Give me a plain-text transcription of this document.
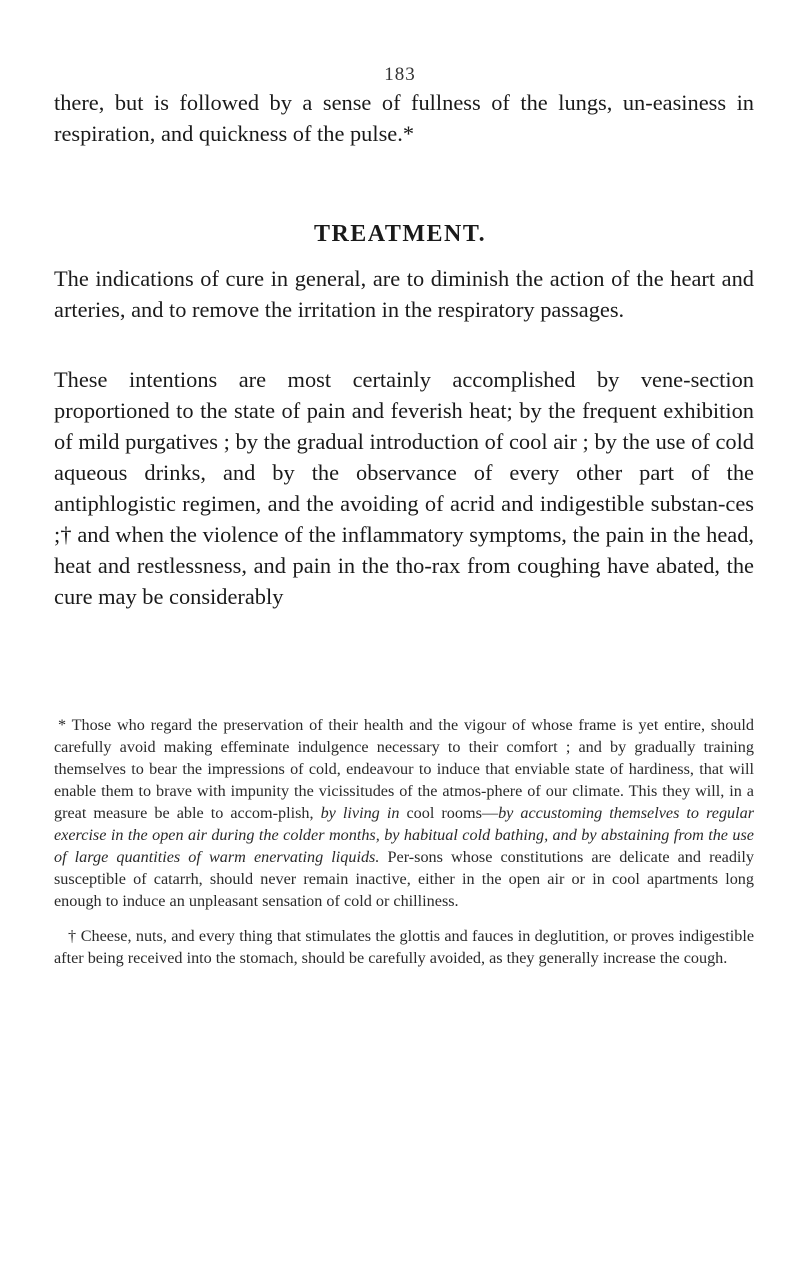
183

there, but is followed by a sense of fullness of the lungs, un-easiness in respiration, and quickness of the pulse.*

TREATMENT.

The indications of cure in general, are to diminish the action of the heart and arteries, and to remove the irritation in the respiratory passages.

These intentions are most certainly accomplished by vene-section proportioned to the state of pain and feverish heat; by the frequent exhibition of mild purgatives ; by the gradual introduction of cool air ; by the use of cold aqueous drinks, and by the observance of every other part of the antiphlogistic regimen, and the avoiding of acrid and indigestible substan-ces ;† and when the violence of the inflammatory symptoms, the pain in the head, heat and restlessness, and pain in the tho-rax from coughing have abated, the cure may be considerably

* Those who regard the preservation of their health and the vigour of whose frame is yet entire, should carefully avoid making effeminate indulgence necessary to their comfort ; and by gradually training themselves to bear the impressions of cold, endeavour to induce that enviable state of hardiness, that will enable them to brave with impunity the vicissitudes of the atmos-phere of our climate. This they will, in a great measure be able to accom-plish, by living in cool rooms—by accustoming themselves to regular exercise in the open air during the colder months, by habitual cold bathing, and by abstaining from the use of large quantities of warm enervating liquids. Per-sons whose constitutions are delicate and readily susceptible of catarrh, should never remain inactive, either in the open air or in cool apartments long enough to induce an unpleasant sensation of cold or chilliness.

† Cheese, nuts, and every thing that stimulates the glottis and fauces in deglutition, or proves indigestible after being received into the stomach, should be carefully avoided, as they generally increase the cough.
